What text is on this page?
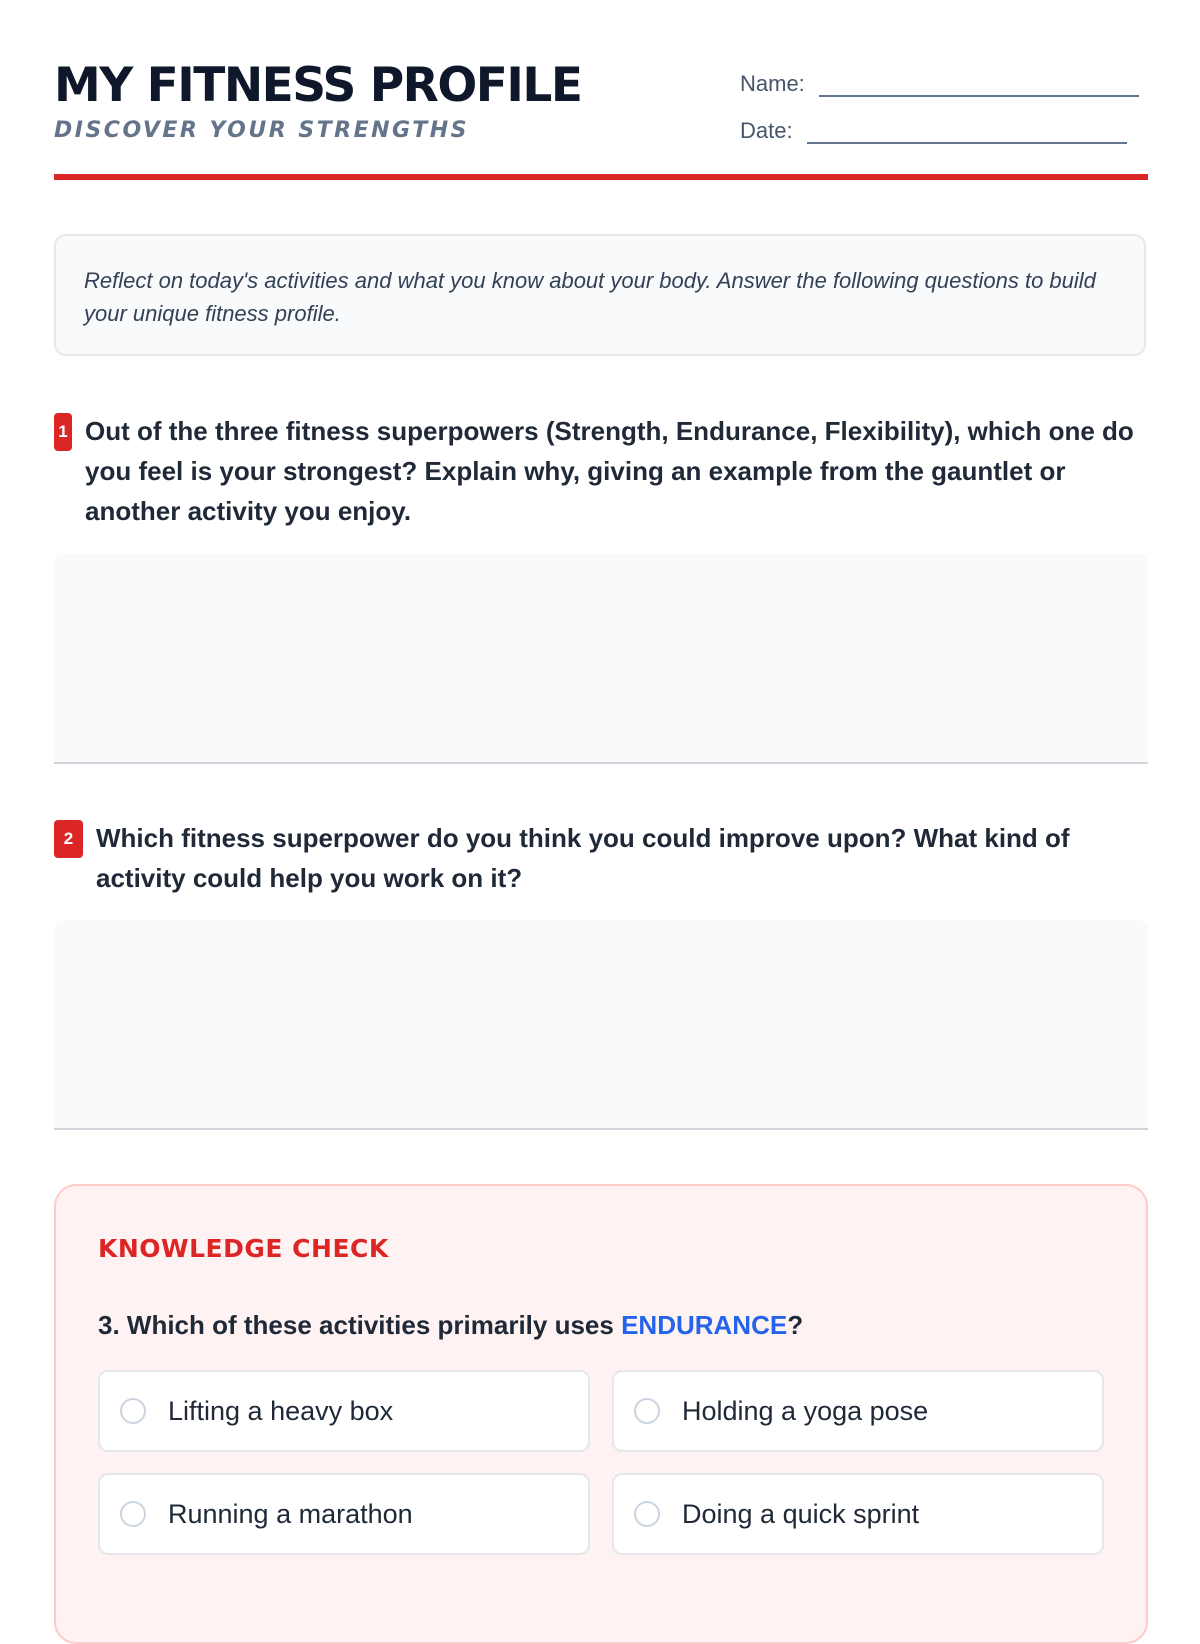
MY FITNESS PROFILE
DISCOVER YOUR STRENGTHS
Name:
Date:
Reflect on today's activities and what you know about your body. Answer the following questions to build your unique fitness profile.
1 Out of the three fitness superpowers (Strength, Endurance, Flexibility), which one do you feel is your strongest? Explain why, giving an example from the gauntlet or another activity you enjoy.
2 Which fitness superpower do you think you could improve upon? What kind of activity could help you work on it?
KNOWLEDGE CHECK
3. Which of these activities primarily uses ENDURANCE?
Lifting a heavy box	Holding a yoga pose
Running a marathon	Doing a quick sprint
